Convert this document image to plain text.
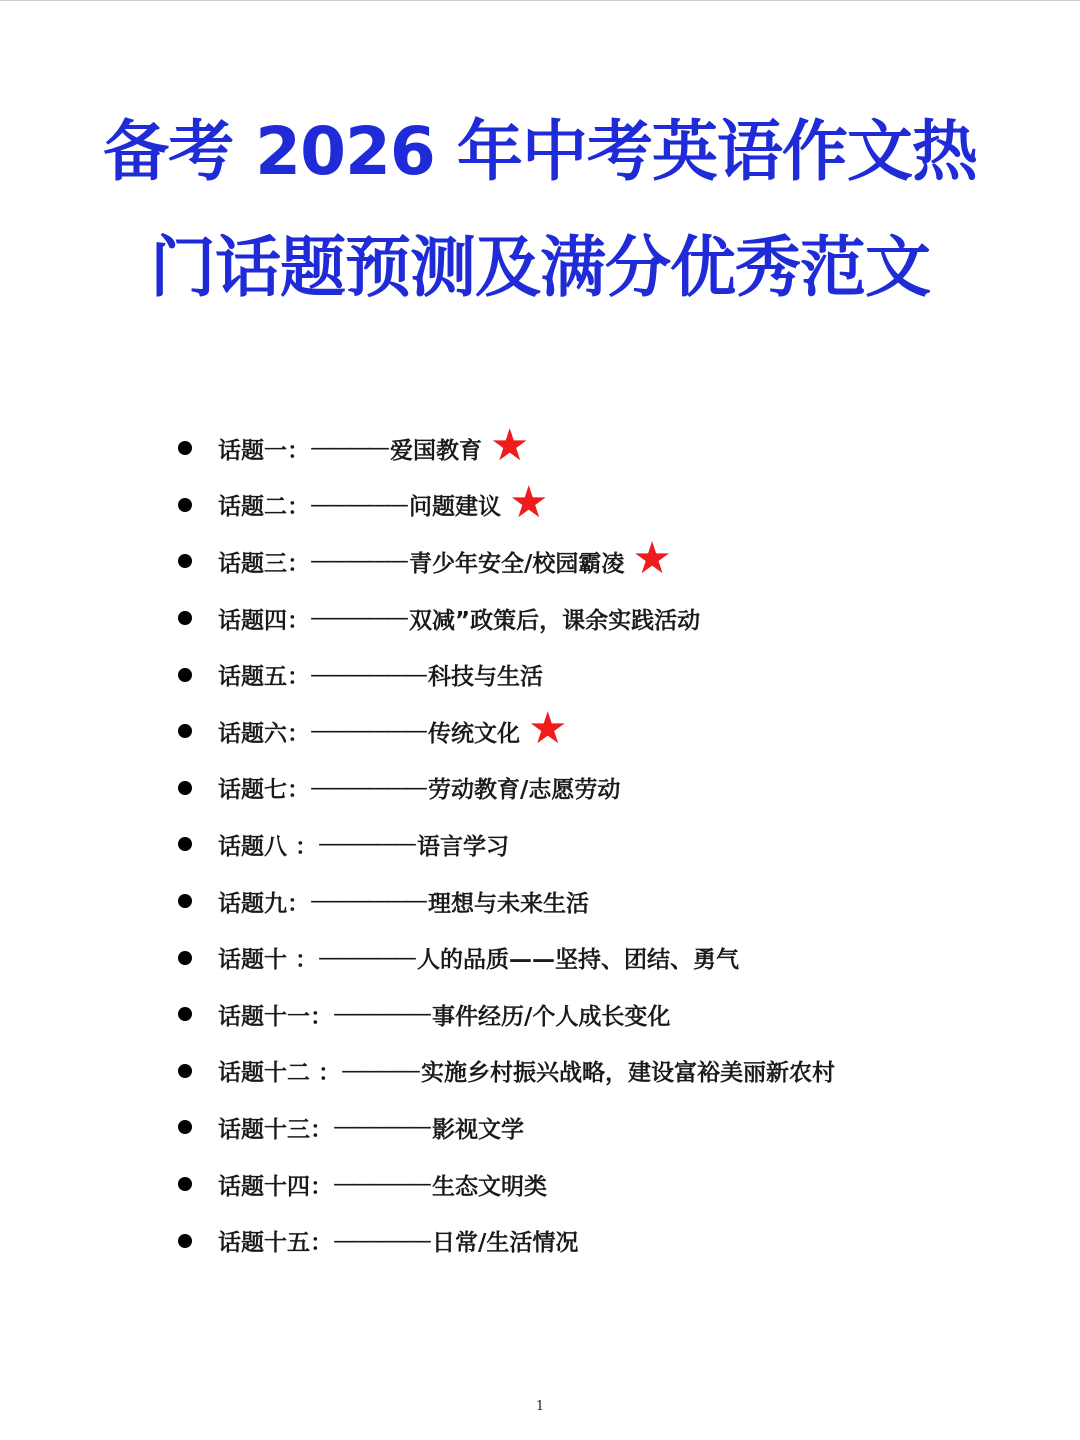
备考 2026 年中考英语作文热
门话题预测及满分优秀范文
话题一： ———— 爱国教育 ★
话题二： ————— 问题建议 ★
话题三： ————— 青少年安全/校园霸凌 ★
话题四： ————— 双减”政策后，课余实践活动
话题五： —————— 科技与生活
话题六： —————— 传统文化 ★
话题七： —————— 劳动教育/志愿劳动
话题八 ： ————— 语言学习
话题九： —————— 理想与未来生活
话题十 ： ————— 人的品质——坚持、团结、勇气
话题十一： ————— 事件经历/个人成长变化
话题十二 ： ———— 实施乡村振兴战略，建设富裕美丽新农村
话题十三： ————— 影视文学
话题十四： ————— 生态文明类
话题十五： ————— 日常/生活情况
1
